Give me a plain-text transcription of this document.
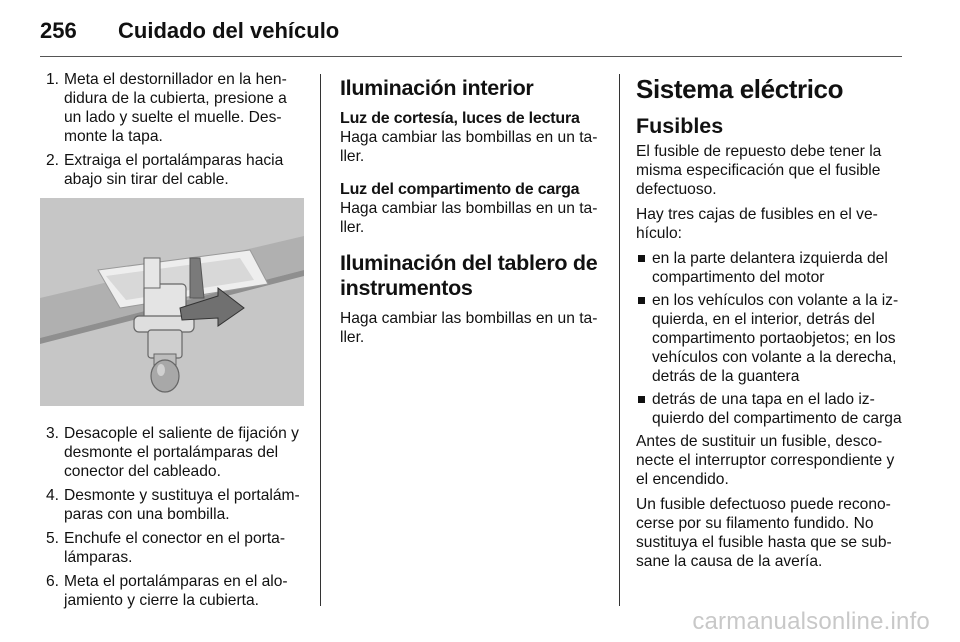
256 Cuidado del vehículo
1. Meta el destornillador en la hen- didura de la cubierta, presione a un lado y suelte el muelle. Des- monte la tapa.
2. Extraiga el portalámparas hacia abajo sin tirar del cable.
3. Desacople el saliente de fijación y desmonte el portalámparas del conector del cableado.
4. Desmonte y sustituya el portalám- paras con una bombilla.
5. Enchufe el conector en el porta- lámparas.
6. Meta el portalámparas en el alo- jamiento y cierre la cubierta.
Iluminación interior
Luz de cortesía, luces de lectura

Haga cambiar las bombillas en un ta- ller.

Luz del compartimento de carga

Haga cambiar las bombillas en un ta- ller.

Iluminación del tablero de instrumentos

Haga cambiar las bombillas en un ta- ller.

Sistema eléctrico
Fusibles

El fusible de repuesto debe tener la misma especificación que el fusible defectuoso.

Hay tres cajas de fusibles en el ve- hículo:

en la parte delantera izquierda del compartimento del motor
en los vehículos con volante a la iz- quierda, en el interior, detrás del compartimento portaobjetos; en los vehículos con volante a la derecha, detrás de la guantera
detrás de una tapa en el lado iz- quierdo del compartimento de carga

Antes de sustituir un fusible, desco- necte el interruptor correspondiente y el encendido.

Un fusible defectuoso puede recono- cerse por su filamento fundido. No sustituya el fusible hasta que se sub- sane la causa de la avería.

carmanualsonline.info
